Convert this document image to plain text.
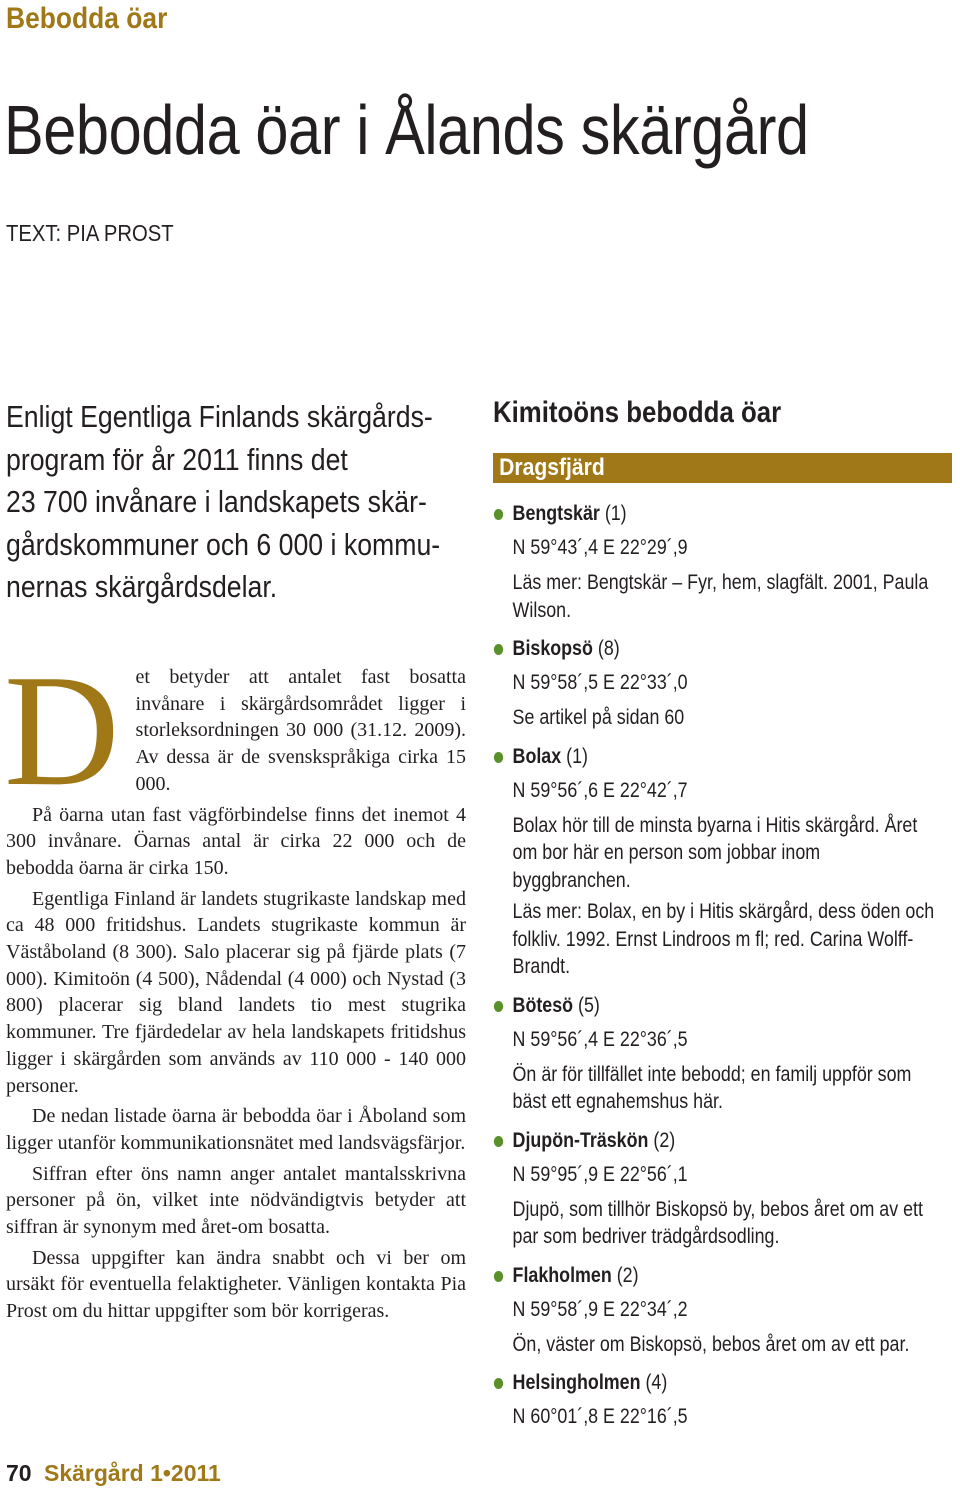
Bebodda öar
Bebodda öar i Ålands skärgård
TEXT: PIA PROST
Enligt Egentliga Finlands skärgårds-
program för år 2011 finns det
23 700 invånare i landskapets skär-
gårdskommuner och 6 000 i kommu-
nernas skärgårdsdelar.
D et betyder att antalet fast bosatta invånare i skärgårdsområdet ligger i storleksordningen 30 000 (31.12. 2009). Av dessa är de svenskspråkiga cirka 15 000.

På öarna utan fast vägförbindelse finns det inemot 4 300 invånare. Öarnas antal är cirka 22 000 och de bebodda öarna är cirka 150.

Egentliga Finland är landets stugrikaste landskap med ca 48 000 fritidshus. Landets stugrikaste kommun är Väståboland (8 300). Salo placerar sig på fjärde plats (7 000). Kimitoön (4 500), Nådendal (4 000) och Nystad (3 800) placerar sig bland landets tio mest stugrika kommuner. Tre fjärdedelar av hela landskapets fritidshus ligger i skärgården som används av 110 000 - 140 000 personer.

De nedan listade öarna är bebodda öar i Åboland som ligger utanför kommunikationsnätet med landsvägsfärjor.

Siffran efter öns namn anger antalet mantalsskrivna personer på ön, vilket inte nödvändigtvis betyder att siffran är synonym med året-om bosatta.

Dessa uppgifter kan ändra snabbt och vi ber om ursäkt för eventuella felaktigheter. Vänligen kontakta Pia Prost om du hittar uppgifter som bör korrigeras.

70 Skärgård 1•2011
Kimitoöns bebodda öar
Dragsfjärd
Bengtskär (1)
N 59°43´,4 E 22°29´,9
Läs mer: Bengtskär – Fyr, hem, slagfält. 2001, Paula Wilson.
Biskopsö (8)
N 59°58´,5 E 22°33´,0
Se artikel på sidan 60
Bolax (1)
N 59°56´,6 E 22°42´,7
Bolax hör till de minsta byarna i Hitis skärgård. Året om bor här en person som jobbar inom byggbranchen.
Läs mer: Bolax, en by i Hitis skärgård, dess öden och folkliv. 1992. Ernst Lindroos m fl; red. Carina Wolff-Brandt.
Bötesö (5)
N 59°56´,4 E 22°36´,5
Ön är för tillfället inte bebodd; en familj uppför som bäst ett egnahemshus här.
Djupön-Träskön (2)
N 59°95´,9 E 22°56´,1
Djupö, som tillhör Biskopsö by, bebos året om av ett par som bedriver trädgårdsodling.
Flakholmen (2)
N 59°58´,9 E 22°34´,2
Ön, väster om Biskopsö, bebos året om av ett par.
Helsingholmen (4)
N 60°01´,8 E 22°16´,5
